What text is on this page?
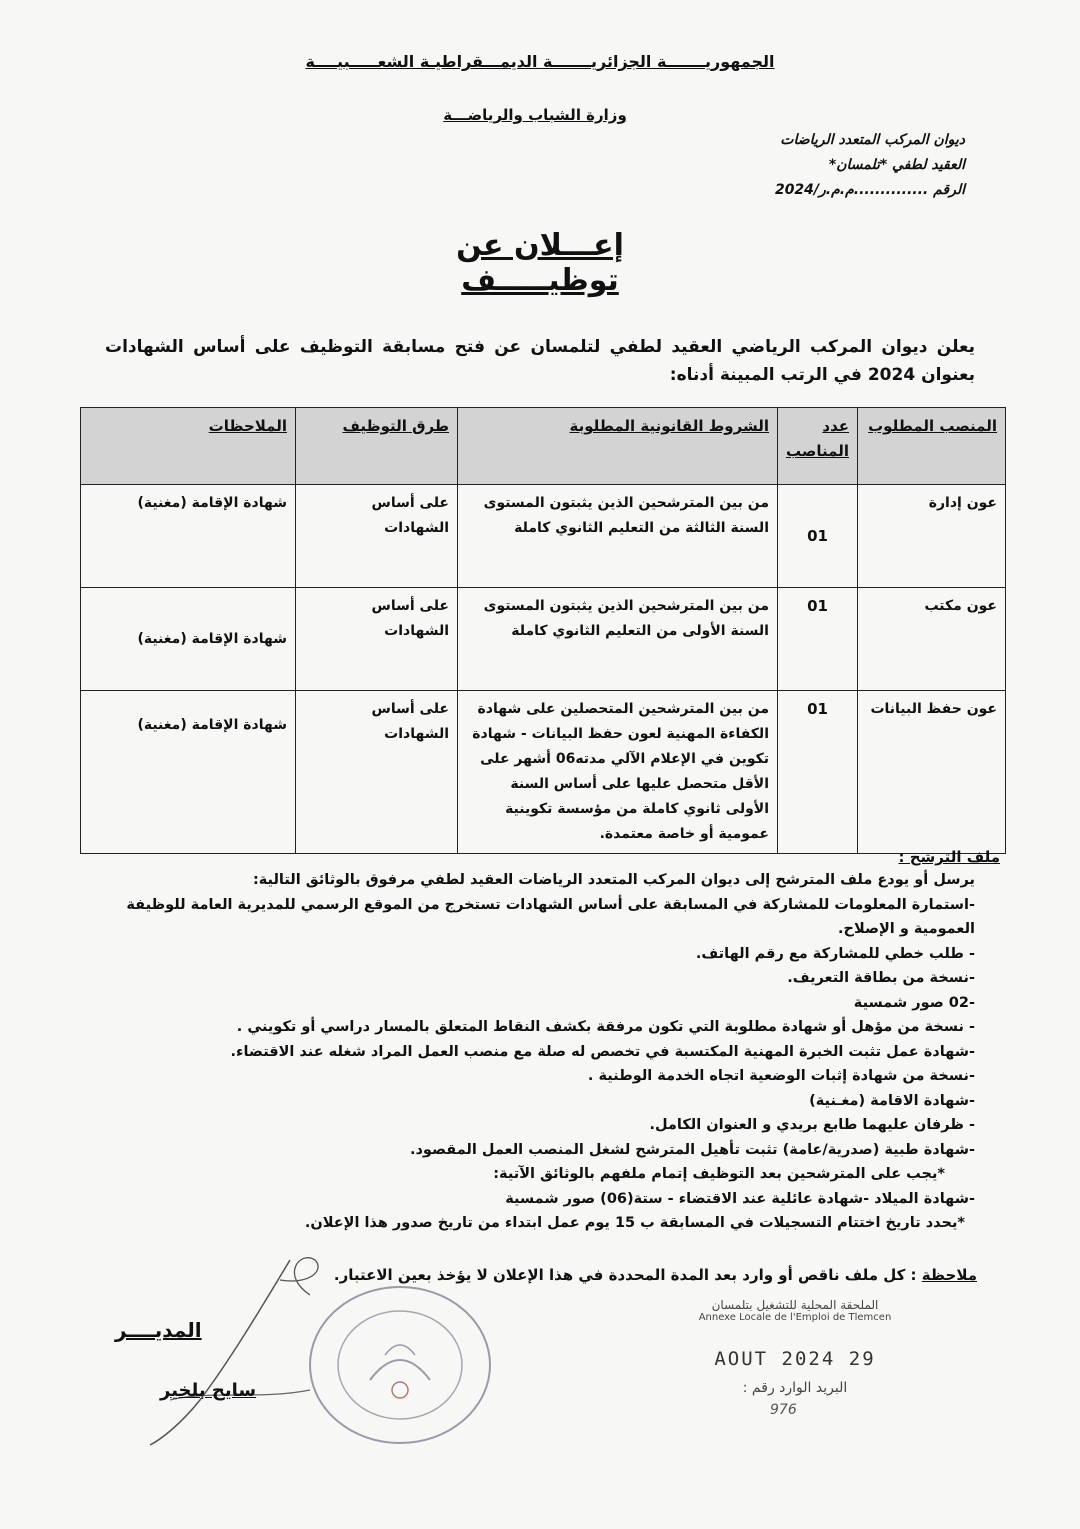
الجمهوريـــــــة الجزائريـــــــة الديمـــقراطيـة الشعـــــبيــــة
وزارة الشباب والرياضـــة
ديوان المركب المتعدد الرياضات
العقيد لطفي *تلمسان*
الرقم ..............م.م.ر/2024
إعـــلان عن توظيـــــف
يعلن ديوان المركب الرياضي العقيد لطفي لتلمسان عن فتح مسابقة التوظيف على أساس الشهادات بعنوان 2024 في الرتب المبينة أدناه:
المنصب المطلوب	عدد المناصب	الشروط القانونية المطلوبة	طرق التوظيف	الملاحظات
عون إدارة	01	من بين المترشحين الذين يثبتون المستوى السنة الثالثة من التعليم الثانوي كاملة	على أساس الشهادات	شهادة الإقامة (مغنية)
عون مكتب	01	من بين المترشحين الذين يثبتون المستوى السنة الأولى من التعليم الثانوي كاملة	على أساس الشهادات	شهادة الإقامة (مغنية)
عون حفظ البيانات	01	من بين المترشحين المتحصلين على شهادة الكفاءة المهنية لعون حفظ البيانات - شهادة تكوين في الإعلام الآلي مدته06 أشهر على الأقل متحصل عليها على أساس السنة الأولى ثانوي كاملة من مؤسسة تكوينية عمومية أو خاصة معتمدة.	على أساس الشهادات	شهادة الإقامة (مغنية)
ملف الترشح :
يرسل أو يودع ملف المترشح إلى ديوان المركب المتعدد الرياضات العقيد لطفي مرفوق بالوثائق التالية:
-استمارة المعلومات للمشاركة في المسابقة على أساس الشهادات تستخرج من الموقع الرسمي للمديرية العامة للوظيفة
العمومية و الإصلاح.
- طلب خطي للمشاركة مع رقم الهاتف.
-نسخة من بطاقة التعريف.
-02 صور شمسية
- نسخة من مؤهل أو شهادة مطلوبة التي تكون مرفقة بكشف النقاط المتعلق بالمسار دراسي أو تكويني .
-شهادة عمل تثبت الخبرة المهنية المكتسبة في تخصص له صلة مع منصب العمل المراد شغله عند الاقتضاء.
-نسخة من شهادة إثبات الوضعية اتجاه الخدمة الوطنية .
-شهادة الاقامة (مغـنية)
- ظرفان عليهما طابع بريدي و العنوان الكامل.
-شهادة طبية (صدرية/عامة) تثبت تأهيل المترشح لشغل المنصب العمل المقصود.
*يجب على المترشحين بعد التوظيف إتمام ملفهم بالوثائق الآتية:
-شهادة الميلاد -شهادة عائلية عند الاقتضاء - ستة(06) صور شمسية
*يحدد تاريخ اختتام التسجيلات في المسابقة ب 15 يوم عمل ابتداء من تاريخ صدور هذا الإعلان.
ملاحظة : كل ملف ناقص أو وارد بعد المدة المحددة في هذا الإعلان لا يؤخذ بعين الاعتبار.
المديــــر
سايح بلخير
الملحقة المحلية للتشغيل بتلمسان
Annexe Locale de l'Emploi de Tlemcen
29 AOUT 2024
البريد الوارد رقم :
976
